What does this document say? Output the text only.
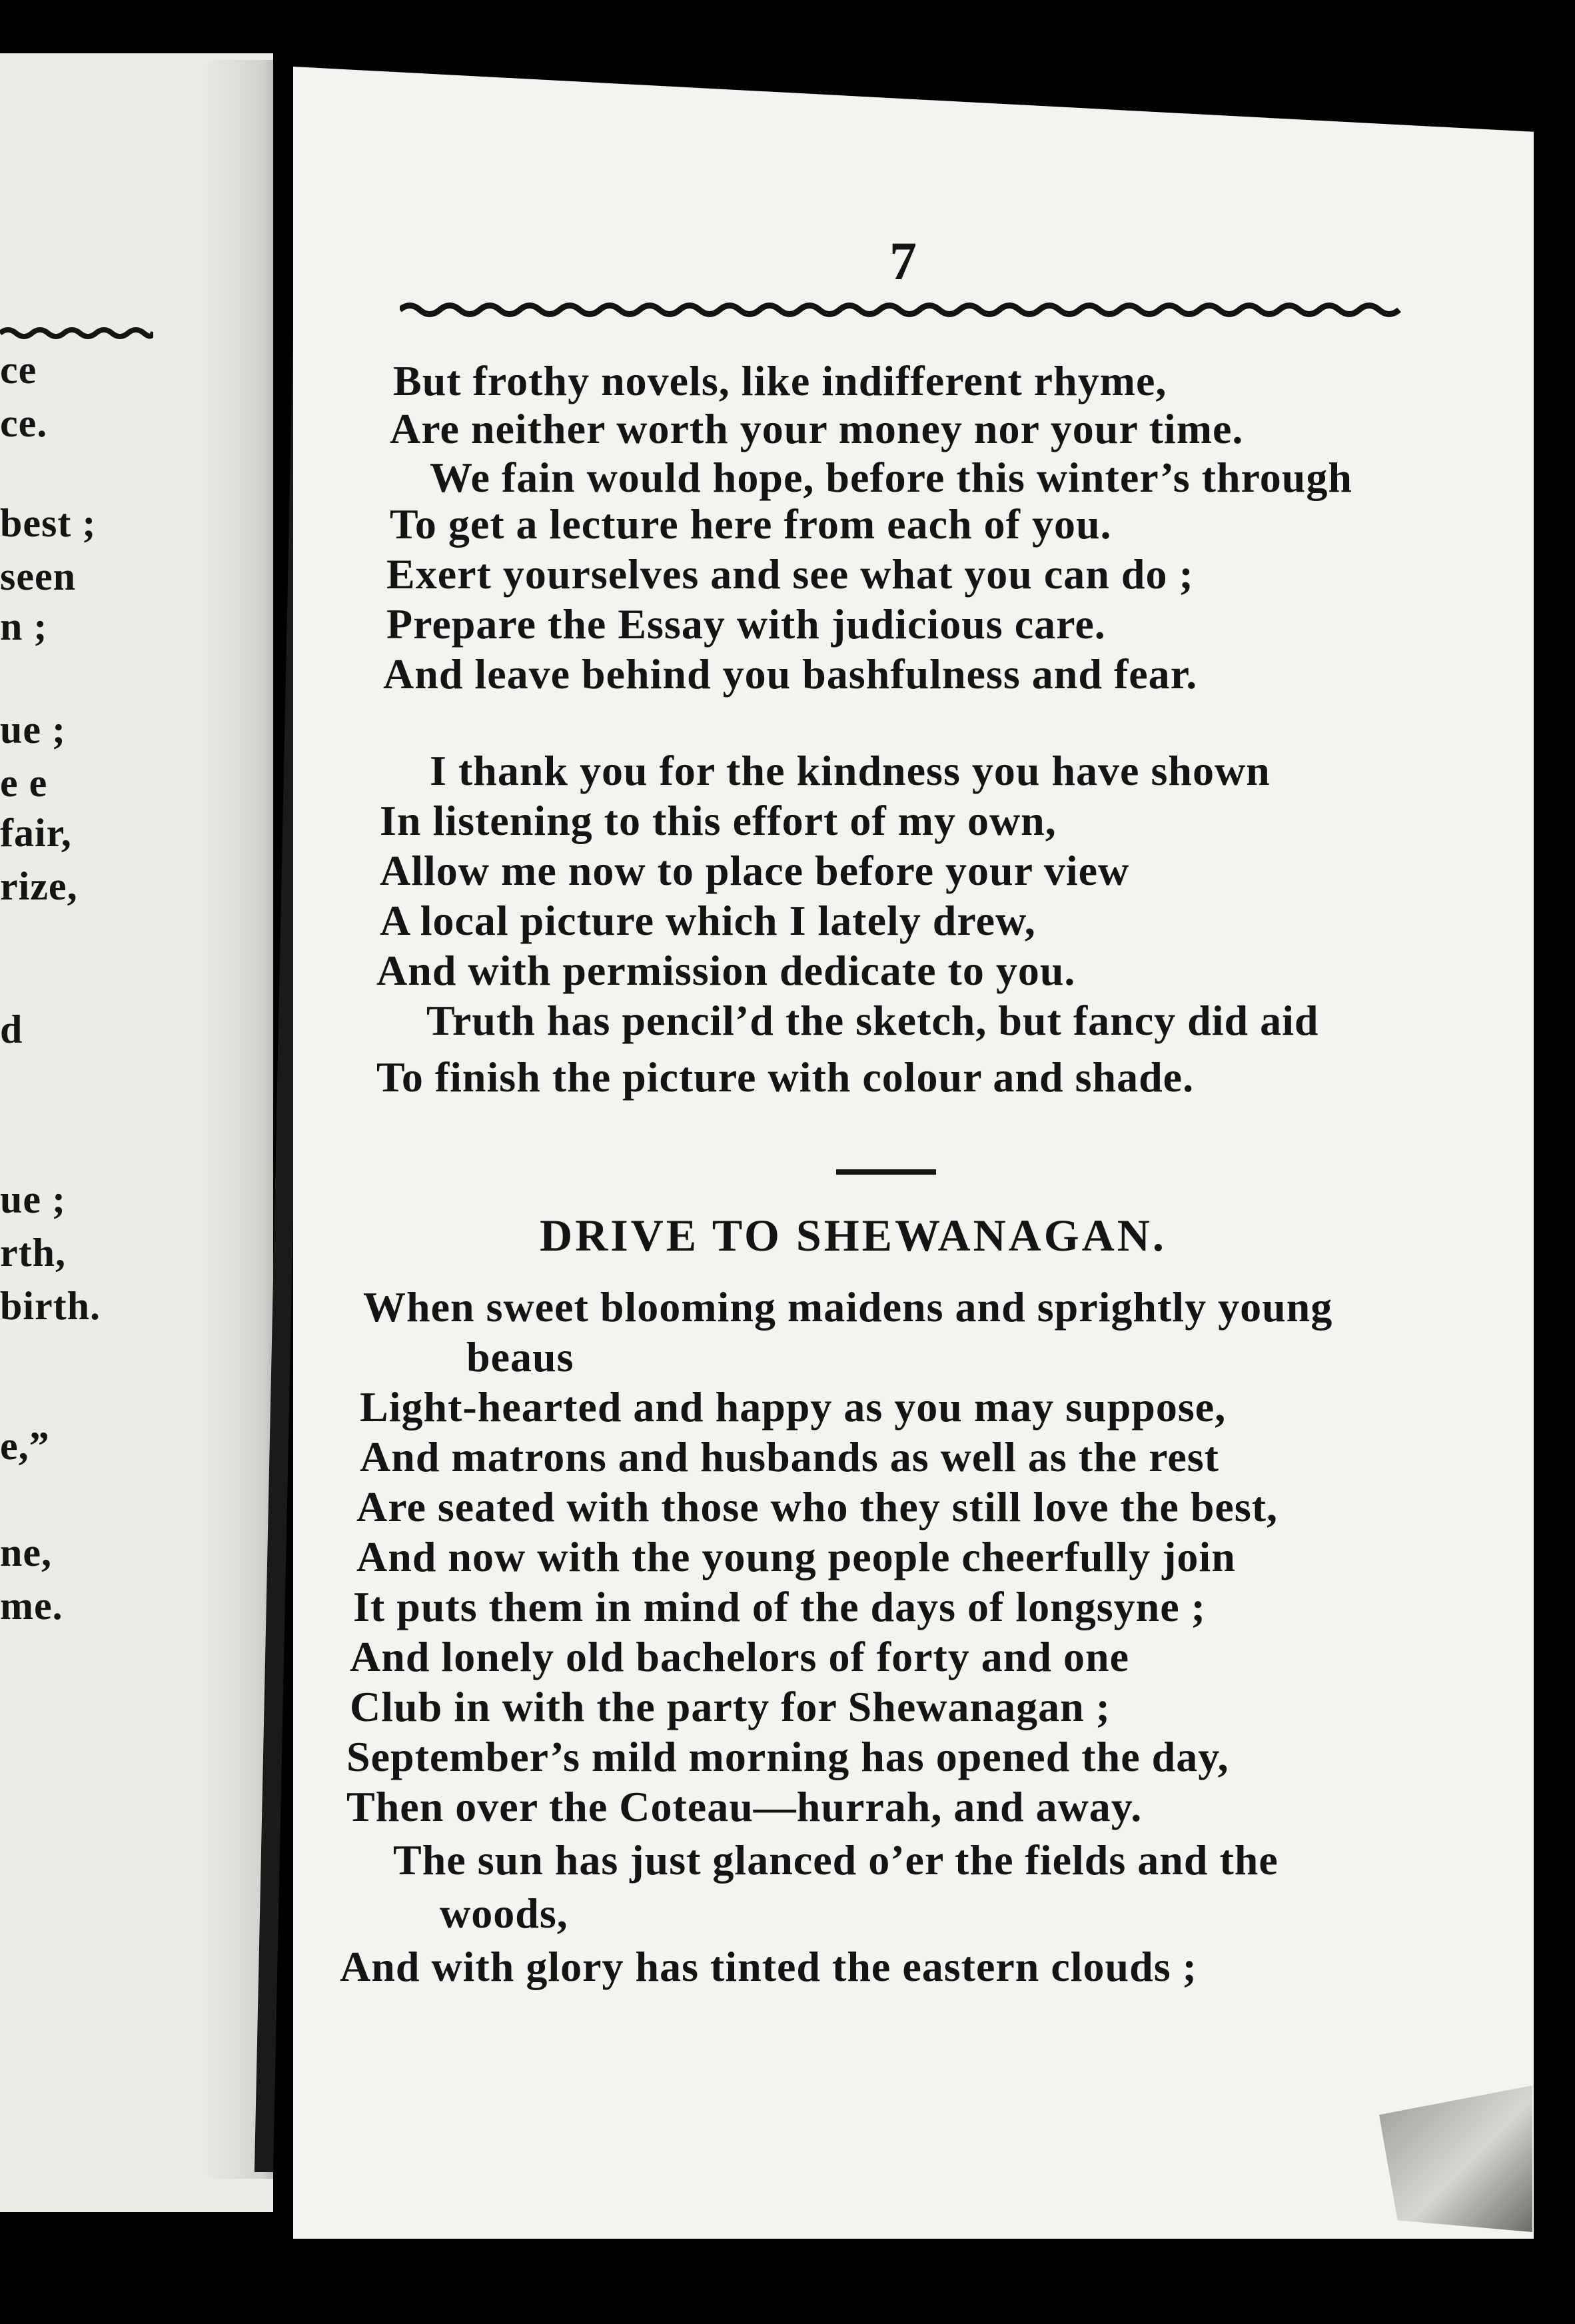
ce
ce.
best ;
seen
n ;
ue ;
e e
fair,
rize,
d
ue ;
rth,
birth.
e,”
ne,
me.
7
But frothy novels, like indifferent rhyme,
Are neither worth your money nor your time.
We fain would hope, before this winter’s through
To get a lecture here from each of you.
Exert yourselves and see what you can do ;
Prepare the Essay with judicious care.
And leave behind you bashfulness and fear.
I thank you for the kindness you have shown
In listening to this effort of my own,
Allow me now to place before your view
A local picture which I lately drew,
And with permission dedicate to you.
Truth has pencil’d the sketch, but fancy did aid
To finish the picture with colour and shade.
DRIVE TO SHEWANAGAN.
When sweet blooming maidens and sprightly young
beaus
Light-hearted and happy as you may suppose,
And matrons and husbands as well as the rest
Are seated with those who they still love the best,
And now with the young people cheerfully join
It puts them in mind of the days of longsyne ;
And lonely old bachelors of forty and one
Club in with the party for Shewanagan ;
September’s mild morning has opened the day,
Then over the Coteau—hurrah, and away.
The sun has just glanced o’er the fields and the
woods,
And with glory has tinted the eastern clouds ;
